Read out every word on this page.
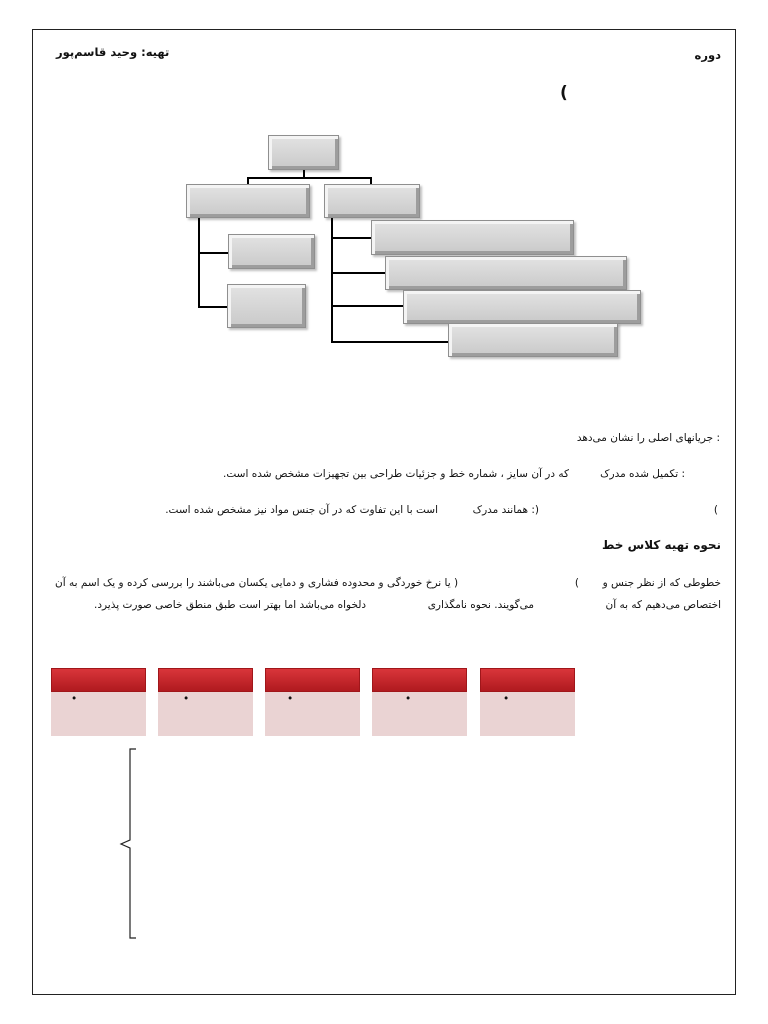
دوره
تهیه: وحید قاسم‌پور
)
: جریانهای اصلی را نشان می‌دهد
: تکمیل شده مدرک
که در آن سایز ، شماره خط و جزئیات طراحی بین تجهیزات مشخص شده است.
)
(: همانند مدرک
است با این تفاوت که در آن جنس مواد نیز مشخص شده است.
نحوه تهیه کلاس خط
خطوطی که از نظر جنس و
)
( یا نرخ خوردگی و محدوده فشاری و دمایی یکسان می‌باشند را بررسی کرده و یک اسم به آن
اختصاص می‌دهیم که به آن
می‌گویند. نحوه نامگذاری
دلخواه می‌باشد اما بهتر است طبق منطق خاصی صورت پذیرد.
•	•	•	•	•
